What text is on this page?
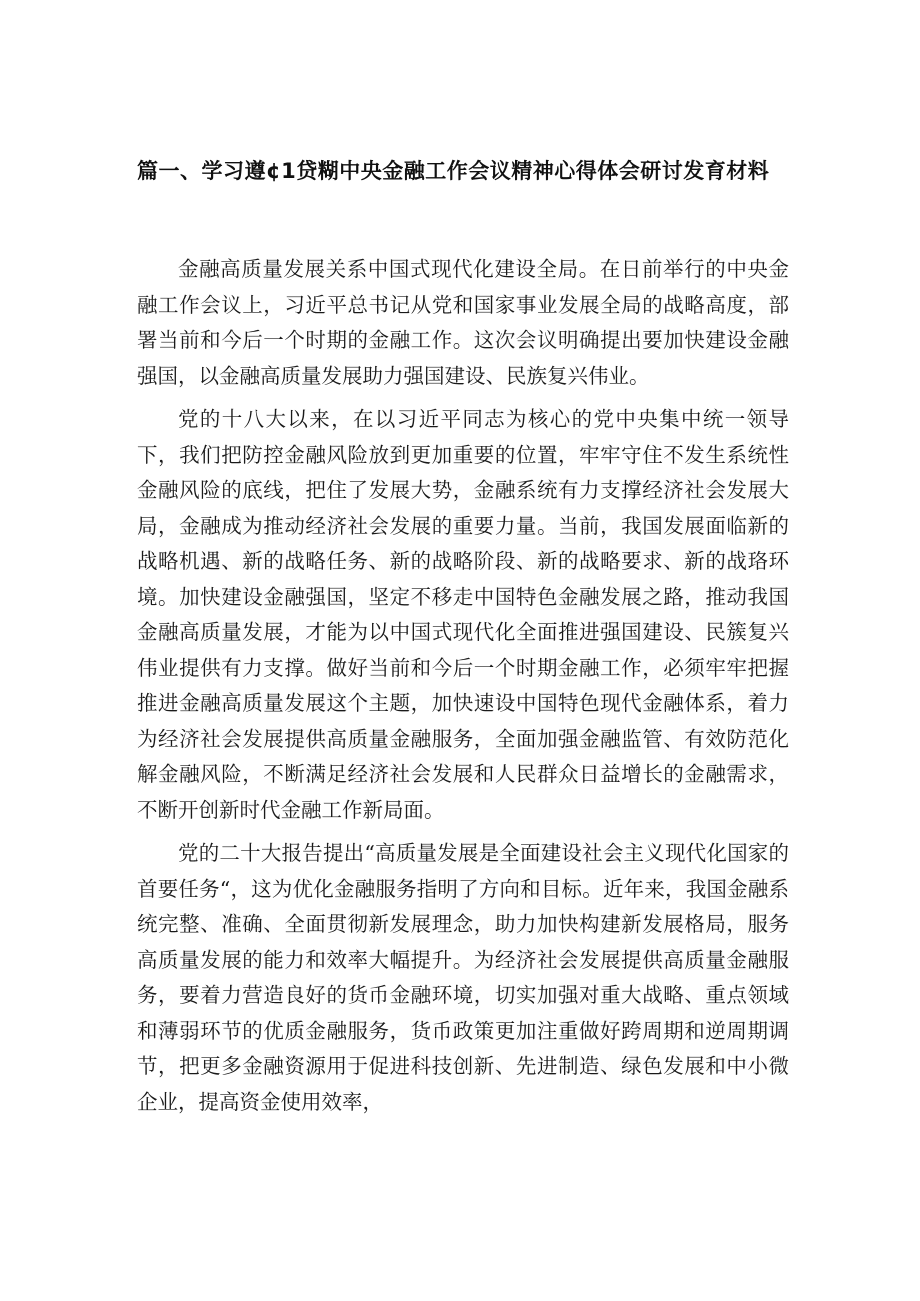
篇一、学习遵¢1贷糊中央金融工作会议精神心得体会研讨发育材料

金融高质量发展关系中国式现代化建设全局。在日前举行的中央金融工作会议上，习近平总书记从党和国家事业发展全局的战略高度，部署当前和今后一个时期的金融工作。这次会议明确提出要加快建设金融强国，以金融高质量发展助力强国建设、民族复兴伟业。

党的十八大以来，在以习近平同志为核心的党中央集中统一领导下，我们把防控金融风险放到更加重要的位置，牢牢守住不发生系统性金融风险的底线，把住了发展大势，金融系统有力支撑经济社会发展大局，金融成为推动经济社会发展的重要力量。当前，我国发展面临新的战略机遇、新的战略任务、新的战略阶段、新的战略要求、新的战珞环境。加快建设金融强国，坚定不移走中国特色金融发展之路，推动我国金融高质量发展，才能为以中国式现代化全面推进强国建设、民簇复兴伟业提供有力支撑。做好当前和今后一个时期金融工作，必须牢牢把握推进金融高质量发展这个主题，加快速设中国特色现代金融体系，着力为经济社会发展提供高质量金融服务，全面加强金融监管、有效防范化解金融风险，不断满足经济社会发展和人民群众日益增长的金融需求，不断开创新时代金融工作新局面。

党的二十大报告提出“高质量发展是全面建设社会主义现代化国家的首要任务“，这为优化金融服务指明了方向和目标。近年来，我国金融系统完整、准确、全面贯彻新发展理念，助力加快构建新发展格局，服务高质量发展的能力和效率大幅提升。为经济社会发展提供高质量金融服务，要着力营造良好的货币金融环境，切实加强对重大战略、重点领域和薄弱环节的优质金融服务，货币政策更加注重做好跨周期和逆周期调节，把更多金融资源用于促进科技创新、先进制造、绿色发展和中小微企业，提高资金使用效率，
